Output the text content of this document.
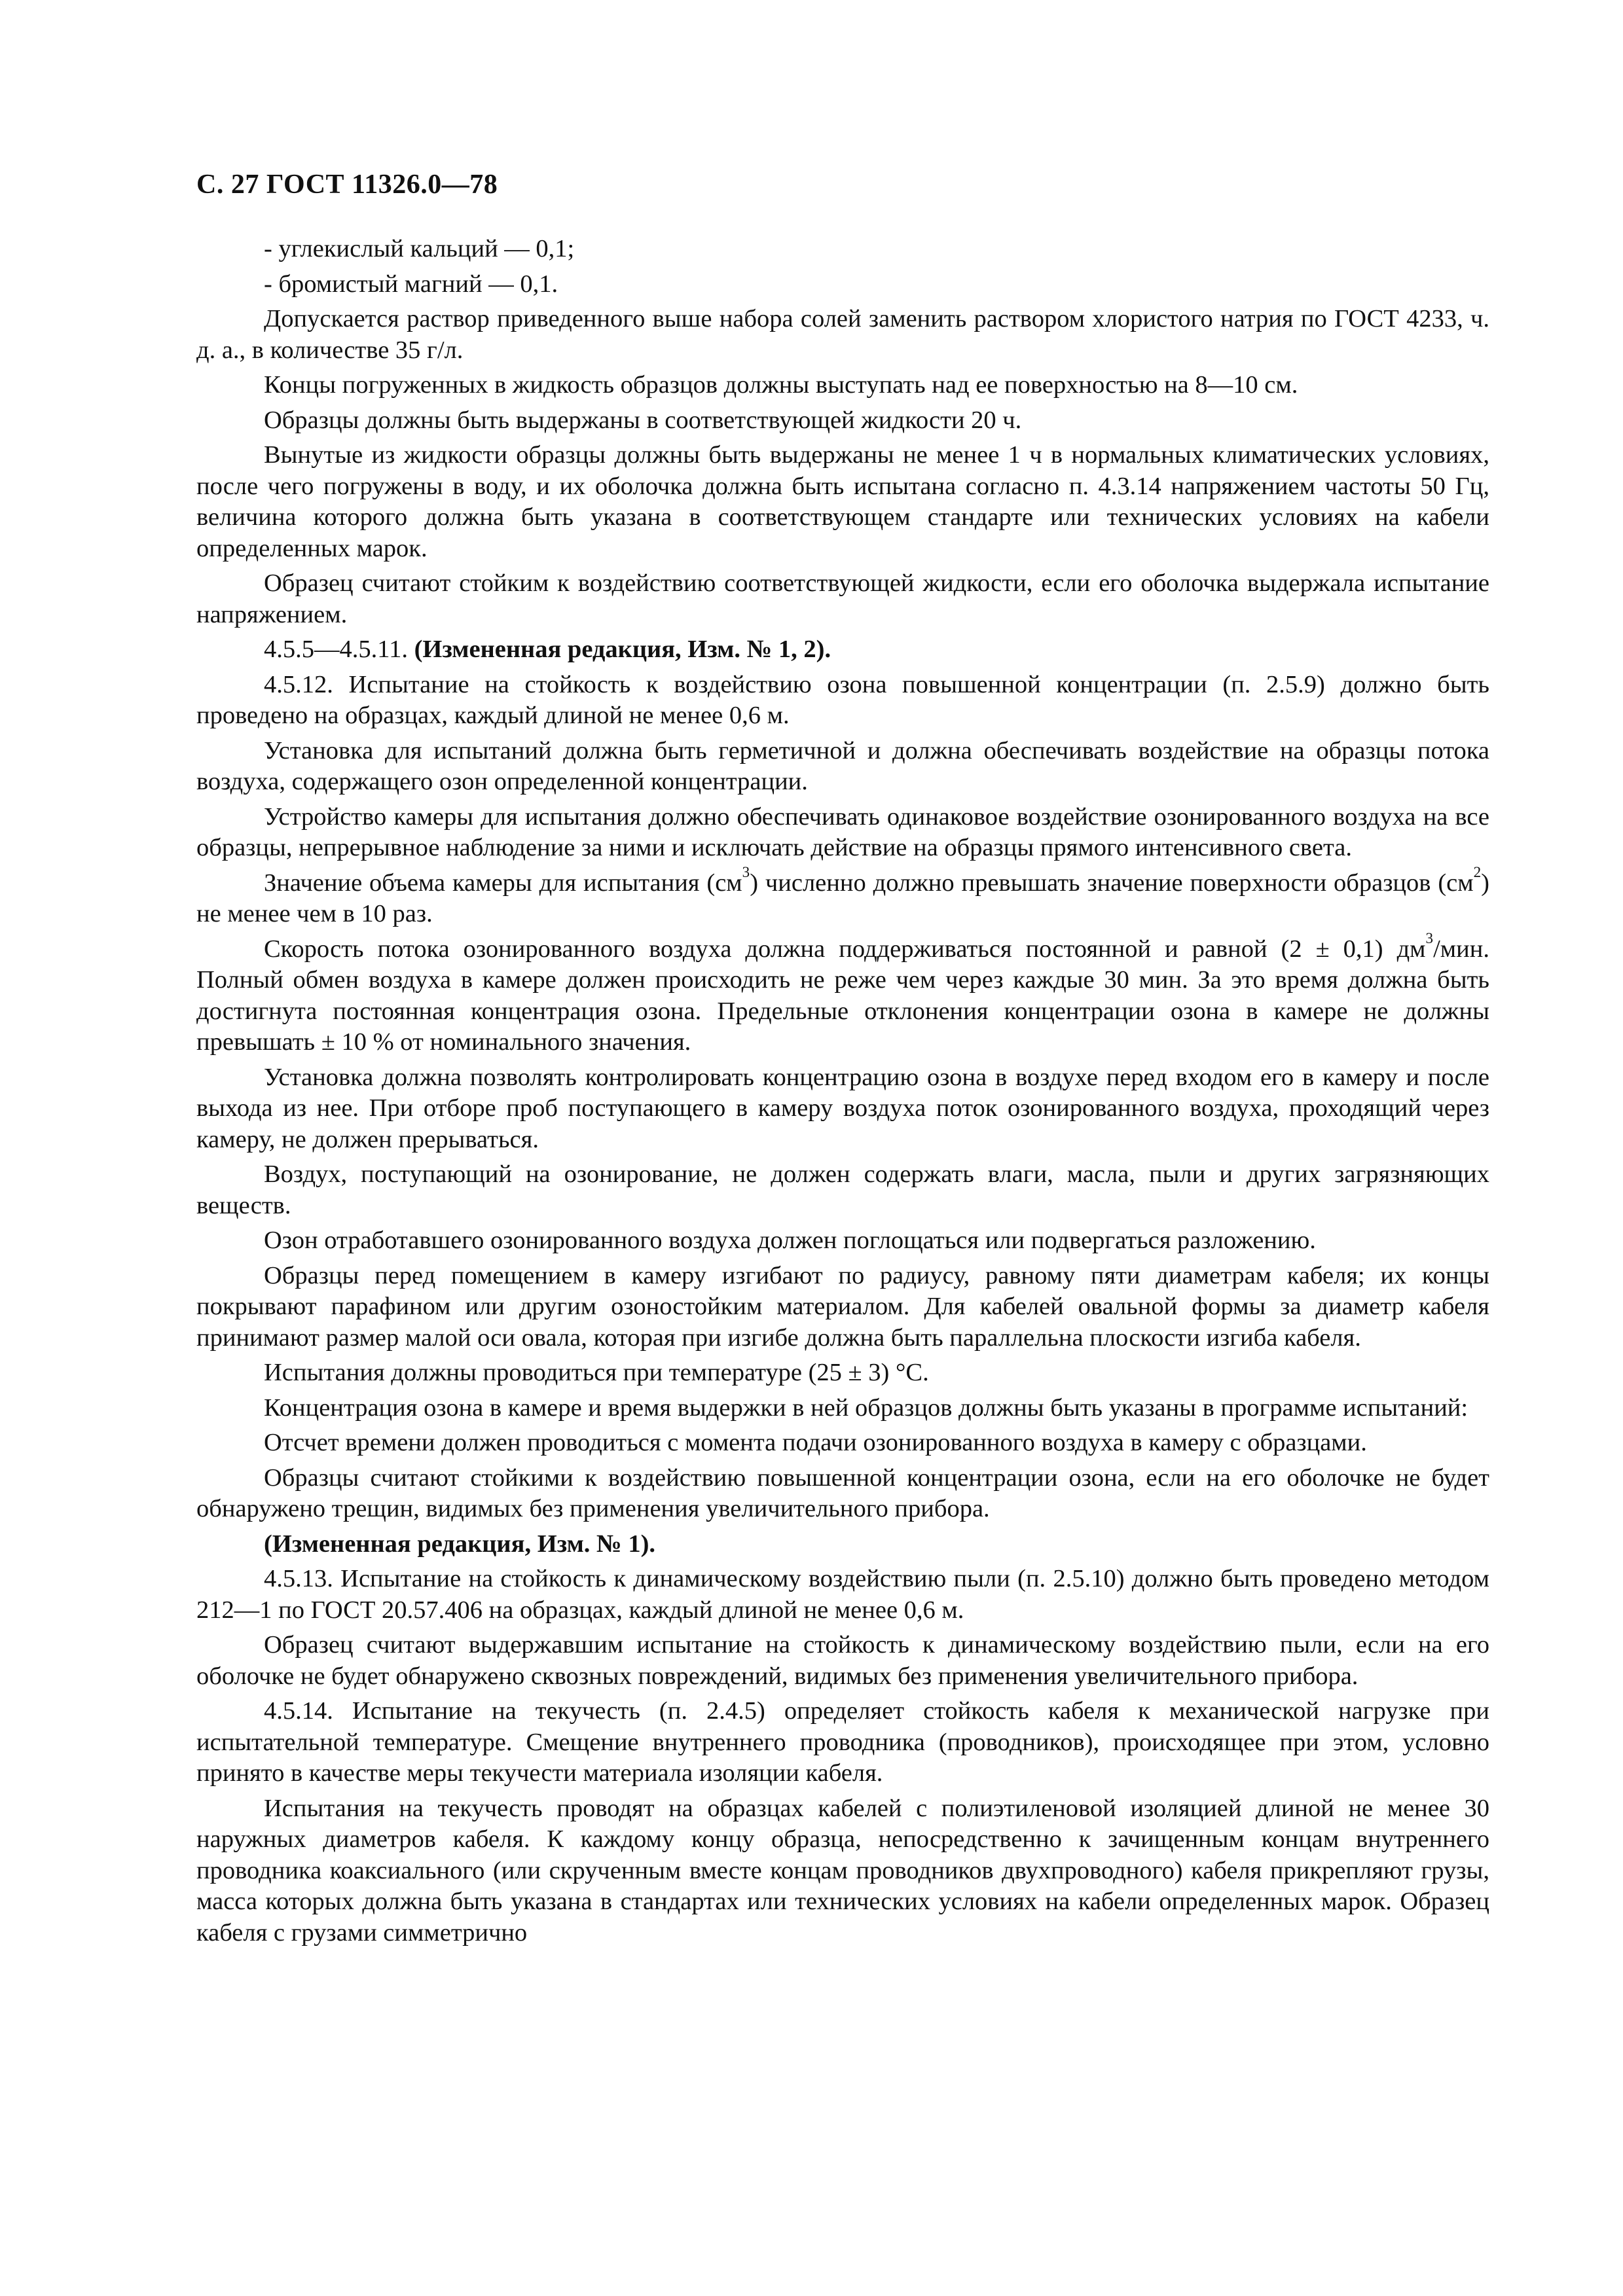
С. 27 ГОСТ 11326.0—78
- углекислый кальций — 0,1;
- бромистый магний — 0,1.
Допускается раствор приведенного выше набора солей заменить раствором хлористого натрия по ГОСТ 4233, ч. д. а., в количестве 35 г/л.
Концы погруженных в жидкость образцов должны выступать над ее поверхностью на 8—10 см.
Образцы должны быть выдержаны в соответствующей жидкости 20 ч.
Вынутые из жидкости образцы должны быть выдержаны не менее 1 ч в нормальных климатических условиях, после чего погружены в воду, и их оболочка должна быть испытана согласно п. 4.3.14 напряжением частоты 50 Гц, величина которого должна быть указана в соответствующем стандарте или технических условиях на кабели определенных марок.
Образец считают стойким к воздействию соответствующей жидкости, если его оболочка выдержала испытание напряжением.
4.5.5—4.5.11. (Измененная редакция, Изм. № 1, 2).
4.5.12. Испытание на стойкость к воздействию озона повышенной концентрации (п. 2.5.9) должно быть проведено на образцах, каждый длиной не менее 0,6 м.
Установка для испытаний должна быть герметичной и должна обеспечивать воздействие на образцы потока воздуха, содержащего озон определенной концентрации.
Устройство камеры для испытания должно обеспечивать одинаковое воздействие озонированного воздуха на все образцы, непрерывное наблюдение за ними и исключать действие на образцы прямого интенсивного света.
Значение объема камеры для испытания $(см^3)$ численно должно превышать значение поверхности образцов $(см^2)$ не менее чем в 10 раз.
Скорость потока озонированного воздуха должна поддерживаться постоянной и равной (2 ± 0,1) $дм^3$/мин. Полный обмен воздуха в камере должен происходить не реже чем через каждые 30 мин. За это время должна быть достигнута постоянная концентрация озона. Предельные отклонения концентрации озона в камере не должны превышать ± 10 % от номинального значения.
Установка должна позволять контролировать концентрацию озона в воздухе перед входом его в камеру и после выхода из нее. При отборе проб поступающего в камеру воздуха поток озонированного воздуха, проходящий через камеру, не должен прерываться.
Воздух, поступающий на озонирование, не должен содержать влаги, масла, пыли и других загрязняющих веществ.
Озон отработавшего озонированного воздуха должен поглощаться или подвергаться разложению.
Образцы перед помещением в камеру изгибают по радиусу, равному пяти диаметрам кабеля; их концы покрывают парафином или другим озоностойким материалом. Для кабелей овальной формы за диаметр кабеля принимают размер малой оси овала, которая при изгибе должна быть параллельна плоскости изгиба кабеля.
Испытания должны проводиться при температуре (25 ± 3) °С.
Концентрация озона в камере и время выдержки в ней образцов должны быть указаны в программе испытаний:
Отсчет времени должен проводиться с момента подачи озонированного воздуха в камеру с образцами.
Образцы считают стойкими к воздействию повышенной концентрации озона, если на его оболочке не будет обнаружено трещин, видимых без применения увеличительного прибора.
(Измененная редакция, Изм. № 1).
4.5.13. Испытание на стойкость к динамическому воздействию пыли (п. 2.5.10) должно быть проведено методом 212—1 по ГОСТ 20.57.406 на образцах, каждый длиной не менее 0,6 м.
Образец считают выдержавшим испытание на стойкость к динамическому воздействию пыли, если на его оболочке не будет обнаружено сквозных повреждений, видимых без применения увеличительного прибора.
4.5.14. Испытание на текучесть (п. 2.4.5) определяет стойкость кабеля к механической нагрузке при испытательной температуре. Смещение внутреннего проводника (проводников), происходящее при этом, условно принято в качестве меры текучести материала изоляции кабеля.
Испытания на текучесть проводят на образцах кабелей с полиэтиленовой изоляцией длиной не менее 30 наружных диаметров кабеля. К каждому концу образца, непосредственно к зачищенным концам внутреннего проводника коаксиального (или скрученным вместе концам проводников двухпроводного) кабеля прикрепляют грузы, масса которых должна быть указана в стандартах или технических условиях на кабели определенных марок. Образец кабеля с грузами симметрично
